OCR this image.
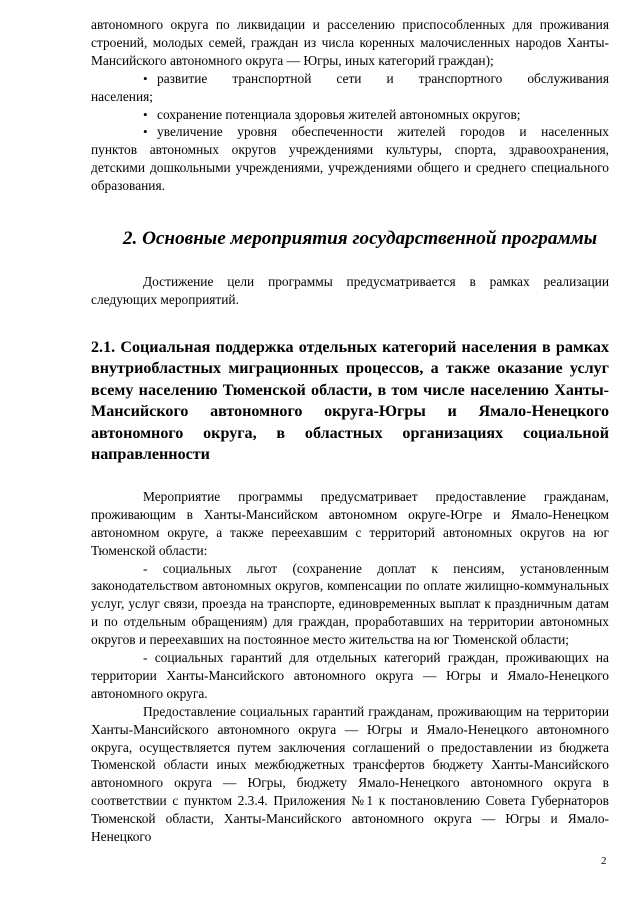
автономного округа по ликвидации и расселению приспособленных для проживания строений, молодых семей, граждан из числа коренных малочисленных народов Ханты-Мансийского автономного округа — Югры, иных категорий граждан);

• развитие транспортной сети и транспортного обслуживания

населения;

• сохранение потенциала здоровья жителей автономных округов;
• увеличение уровня обеспеченности жителей городов и населенных

пунктов автономных округов учреждениями культуры, спорта, здравоохранения, детскими дошкольными учреждениями, учреждениями общего и среднего специального образования.

2. Основные мероприятия государственной программы

Достижение цели программы предусматривается в рамках реализации следующих мероприятий.

2.1. Социальная поддержка отдельных категорий населения в рамках внутриобластных миграционных процессов, а также оказание услуг всему населению Тюменской области, в том числе населению Ханты-Мансийского автономного округа-Югры и Ямало-Ненецкого автономного округа, в областных организациях социальной направленности

Мероприятие программы предусматривает предоставление гражданам, проживающим в Ханты-Мансийском автономном округе-Югре и Ямало-Ненецком автономном округе, а также переехавшим с территорий автономных округов на юг Тюменской области:

- социальных льгот (сохранение доплат к пенсиям, установленным законодательством автономных округов, компенсации по оплате жилищно-коммунальных услуг, услуг связи, проезда на транспорте, единовременных выплат к праздничным датам и по отдельным обращениям) для граждан, проработавших на территории автономных округов и переехавших на постоянное место жительства на юг Тюменской области;

- социальных гарантий для отдельных категорий граждан, проживающих на территории Ханты-Мансийского автономного округа — Югры и Ямало-Ненецкого автономного округа.

Предоставление социальных гарантий гражданам, проживающим на территории Ханты-Мансийского автономного округа — Югры и Ямало-Ненецкого автономного округа, осуществляется путем заключения соглашений о предоставлении из бюджета Тюменской области иных межбюджетных трансфертов бюджету Ханты-Мансийского автономного округа — Югры, бюджету Ямало-Ненецкого автономного округа в соответствии с пунктом 2.3.4. Приложения №1 к постановлению Совета Губернаторов Тюменской области, Ханты-Мансийского автономного округа — Югры и Ямало-Ненецкого

2
